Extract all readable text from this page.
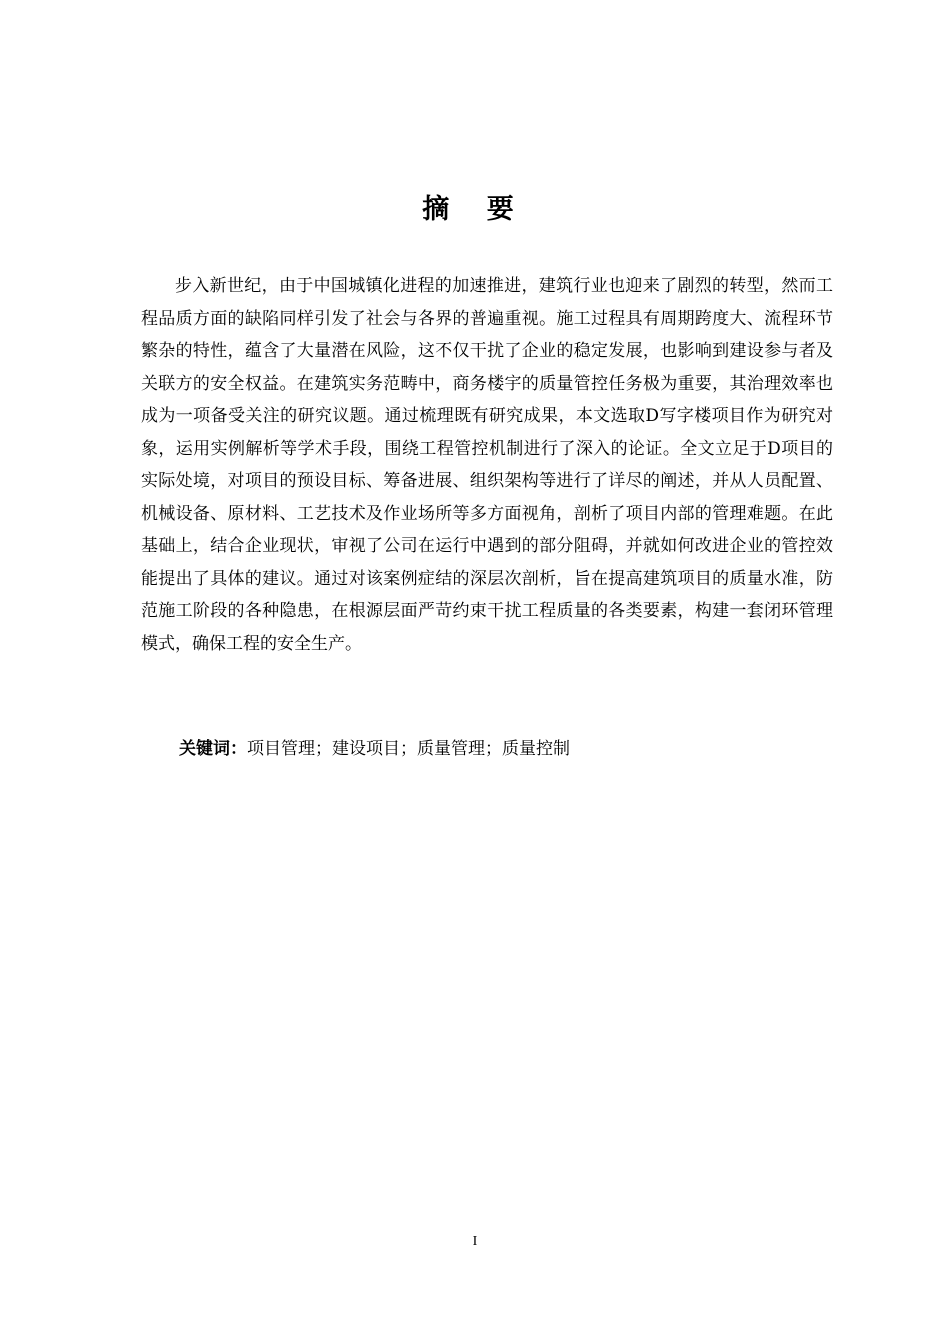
摘 要

步入新世纪，由于中国城镇化进程的加速推进，建筑行业也迎来了剧烈的转型，然而工程品质方面的缺陷同样引发了社会与各界的普遍重视。施工过程具有周期跨度大、流程环节繁杂的特性，蕴含了大量潜在风险，这不仅干扰了企业的稳定发展，也影响到建设参与者及关联方的安全权益。在建筑实务范畴中，商务楼宇的质量管控任务极为重要，其治理效率也成为一项备受关注的研究议题。通过梳理既有研究成果，本文选取D写字楼项目作为研究对象，运用实例解析等学术手段，围绕工程管控机制进行了深入的论证。全文立足于D项目的实际处境，对项目的预设目标、筹备进展、组织架构等进行了详尽的阐述，并从人员配置、机械设备、原材料、工艺技术及作业场所等多方面视角，剖析了项目内部的管理难题。在此基础上，结合企业现状，审视了公司在运行中遇到的部分阻碍，并就如何改进企业的管控效能提出了具体的建议。通过对该案例症结的深层次剖析，旨在提高建筑项目的质量水准，防范施工阶段的各种隐患，在根源层面严苛约束干扰工程质量的各类要素，构建一套闭环管理模式，确保工程的安全生产。

关键词：项目管理；建设项目；质量管理；质量控制
I
